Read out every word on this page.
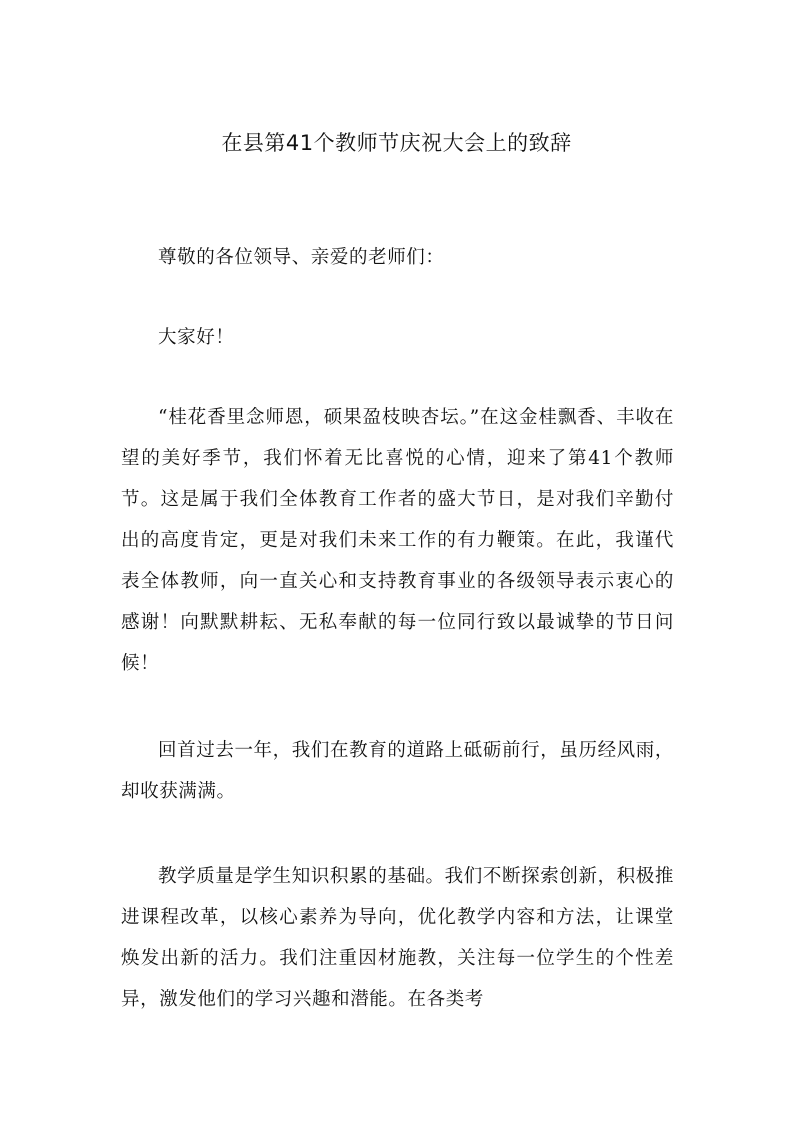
在县第41个教师节庆祝大会上的致辞

尊敬的各位领导、亲爱的老师们：

大家好！

“桂花香里念师恩，硕果盈枝映杏坛。”在这金桂飘香、丰收在望的美好季节，我们怀着无比喜悦的心情，迎来了第41个教师节。这是属于我们全体教育工作者的盛大节日，是对我们辛勤付出的高度肯定，更是对我们未来工作的有力鞭策。在此，我谨代表全体教师，向一直关心和支持教育事业的各级领导表示衷心的感谢！向默默耕耘、无私奉献的每一位同行致以最诚挚的节日问候！

回首过去一年，我们在教育的道路上砥砺前行，虽历经风雨，却收获满满。

教学质量是学生知识积累的基础。我们不断探索创新，积极推进课程改革，以核心素养为导向，优化教学内容和方法，让课堂焕发出新的活力。我们注重因材施教，关注每一位学生的个性差异，激发他们的学习兴趣和潜能。在各类考
